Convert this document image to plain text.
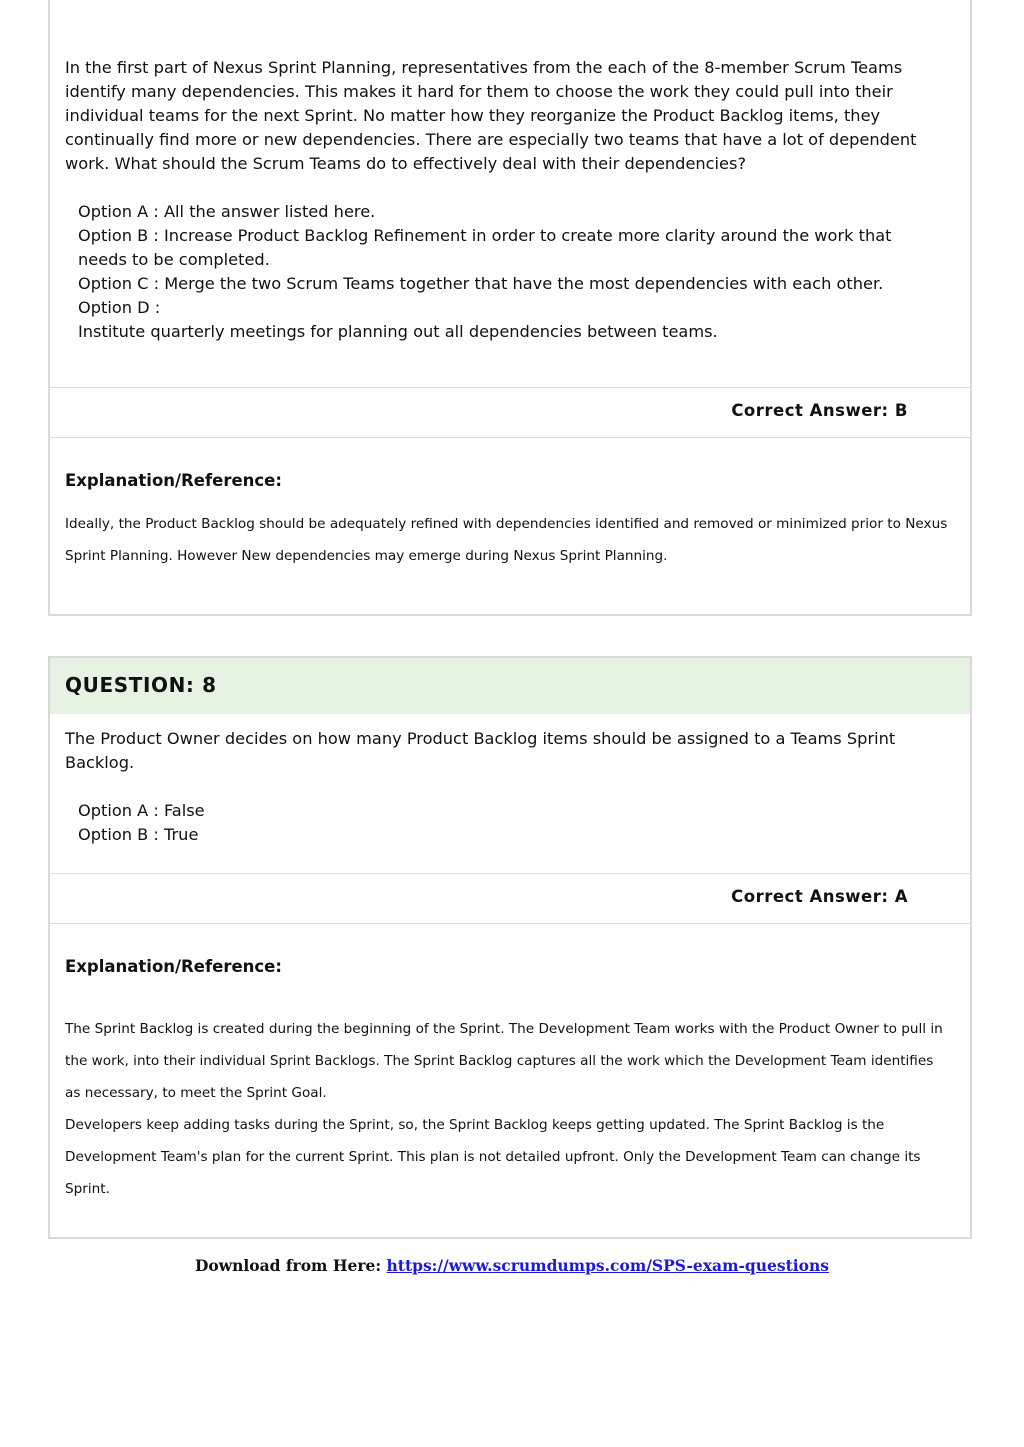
In the first part of Nexus Sprint Planning, representatives from the each of the 8-member Scrum Teams identify many dependencies. This makes it hard for them to choose the work they could pull into their individual teams for the next Sprint. No matter how they reorganize the Product Backlog items, they continually find more or new dependencies. There are especially two teams that have a lot of dependent work. What should the Scrum Teams do to effectively deal with their dependencies?
Option A : All the answer listed here.
Option B : Increase Product Backlog Refinement in order to create more clarity around the work that needs to be completed.
Option C : Merge the two Scrum Teams together that have the most dependencies with each other.
Option D :
Institute quarterly meetings for planning out all dependencies between teams.
Correct Answer: B
Explanation/Reference:
Ideally, the Product Backlog should be adequately refined with dependencies identified and removed or minimized prior to Nexus Sprint Planning. However New dependencies may emerge during Nexus Sprint Planning.
QUESTION: 8
The Product Owner decides on how many Product Backlog items should be assigned to a Teams Sprint Backlog.
Option A : False
Option B : True
Correct Answer: A
Explanation/Reference:
The Sprint Backlog is created during the beginning of the Sprint. The Development Team works with the Product Owner to pull in the work, into their individual Sprint Backlogs. The Sprint Backlog captures all the work which the Development Team identifies as necessary, to meet the Sprint Goal.
Developers keep adding tasks during the Sprint, so, the Sprint Backlog keeps getting updated. The Sprint Backlog is the Development Team's plan for the current Sprint. This plan is not detailed upfront. Only the Development Team can change its Sprint.
Download from Here: https://www.scrumdumps.com/SPS-exam-questions
